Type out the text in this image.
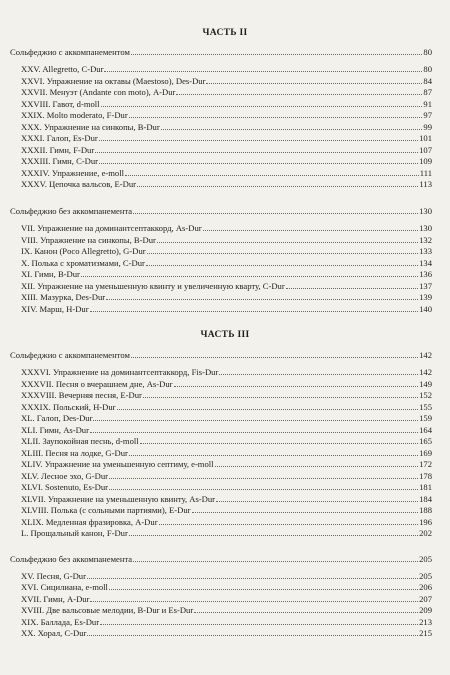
ЧАСТЬ II
Сольфеджио с аккомпанементом	80
XXV. Allegretto, C-Dur	80
XXVI. Упражнение на октавы (Maestoso), Des-Dur	84
XXVII. Менуэт (Andante con moto), A-Dur	87
XXVIII. Гавот, d-moll	91
XXIX. Molto moderato, F-Dur	97
XXX. Упражнение на синкопы, B-Dur	99
XXXI. Галоп, Es-Dur	101
XXXII. Гимн, F-Dur	107
XXXIII. Гимн, C-Dur	109
XXXIV. Упражнение, e-moll	111
XXXV. Цепочка вальсов, E-Dur	113
Сольфеджио без аккомпанемента	130
VII. Упражнение на доминантсептаккорд, As-Dur	130
VIII. Упражнение на синкопы, B-Dur	132
IX. Канон (Poco Allegretto), G-Dur	133
X. Полька с хроматизмами, C-Dur	134
XI. Гимн, B-Dur	136
XII. Упражнение на уменьшенную квинту и увеличенную кварту, C-Dur	137
XIII. Мазурка, Des-Dur	139
XIV. Марш, H-Dur	140
ЧАСТЬ III
Сольфеджио с аккомпанементом	142
XXXVI. Упражнение на доминантсептаккорд, Fis-Dur	142
XXXVII. Песня о вчерашнем дне, As-Dur	149
XXXVIII. Вечерняя песня, E-Dur	152
XXXIX. Польский, H-Dur	155
XL. Галоп, Des-Dur	159
XLI. Гимн, As-Dur	164
XLII. Заупокойная песнь, d-moll	165
XLIII. Песня на лодке, G-Dur	169
XLIV. Упражнение на уменьшенную септиму, e-moll	172
XLV. Лесное эхо, G-Dur	178
XLVI. Sostenuto, Es-Dur	181
XLVII. Упражнение на уменьшенную квинту, As-Dur	184
XLVIII. Полька (с сольными партиями), E-Dur	188
XLIX. Медленная фразировка, A-Dur	196
L. Прощальный канон, F-Dur	202
Сольфеджио без аккомпанемента	205
XV. Песня, G-Dur	205
XVI. Сицилиана, e-moll	206
XVII. Гимн, A-Dur	207
XVIII. Две вальсовые мелодии, B-Dur и Es-Dur	209
XIX. Баллада, Es-Dur	213
XX. Хорал, C-Dur	215
